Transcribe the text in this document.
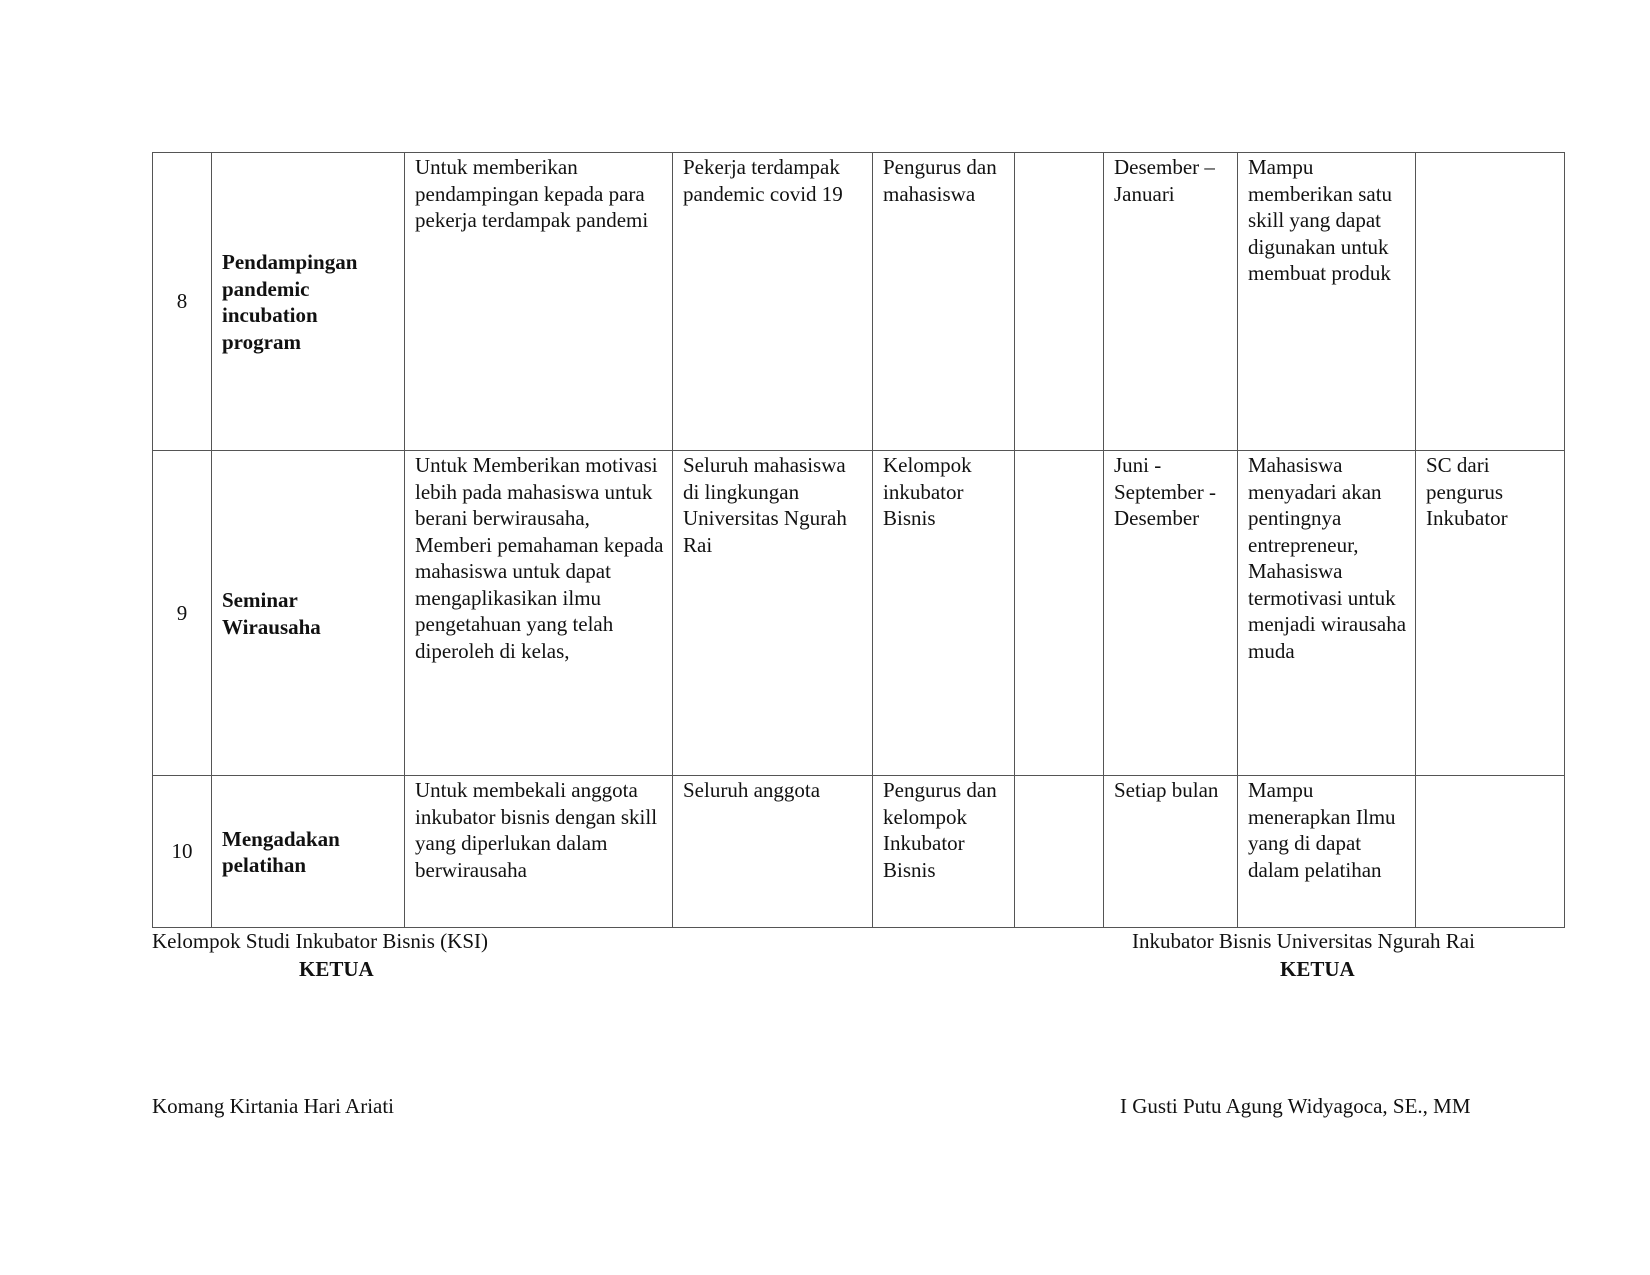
8	Pendampingan pandemic incubation program	Untuk memberikan pendampingan kepada para pekerja terdampak pandemi	Pekerja terdampak pandemic covid 19	Pengurus dan mahasiswa		Desember – Januari	Mampu memberikan satu skill yang dapat digunakan untuk membuat produk	
9	Seminar Wirausaha	Untuk Memberikan motivasi lebih pada mahasiswa untuk berani berwirausaha, Memberi pemahaman kepada mahasiswa untuk dapat mengaplikasikan ilmu pengetahuan yang telah diperoleh di kelas,	Seluruh mahasiswa di lingkungan Universitas Ngurah Rai	Kelompok inkubator Bisnis		Juni - September - Desember	Mahasiswa menyadari akan pentingnya entrepreneur, Mahasiswa termotivasi untuk menjadi wirausaha muda	SC dari pengurus Inkubator
10	Mengadakan pelatihan	Untuk membekali anggota inkubator bisnis dengan skill yang diperlukan dalam berwirausaha	Seluruh anggota	Pengurus dan kelompok Inkubator Bisnis		Setiap bulan	Mampu menerapkan Ilmu yang di dapat dalam pelatihan	
Kelompok Studi Inkubator Bisnis (KSI)
KETUA
Komang Kirtania Hari Ariati
Inkubator Bisnis Universitas Ngurah Rai
KETUA
I Gusti Putu Agung Widyagoca, SE., MM
